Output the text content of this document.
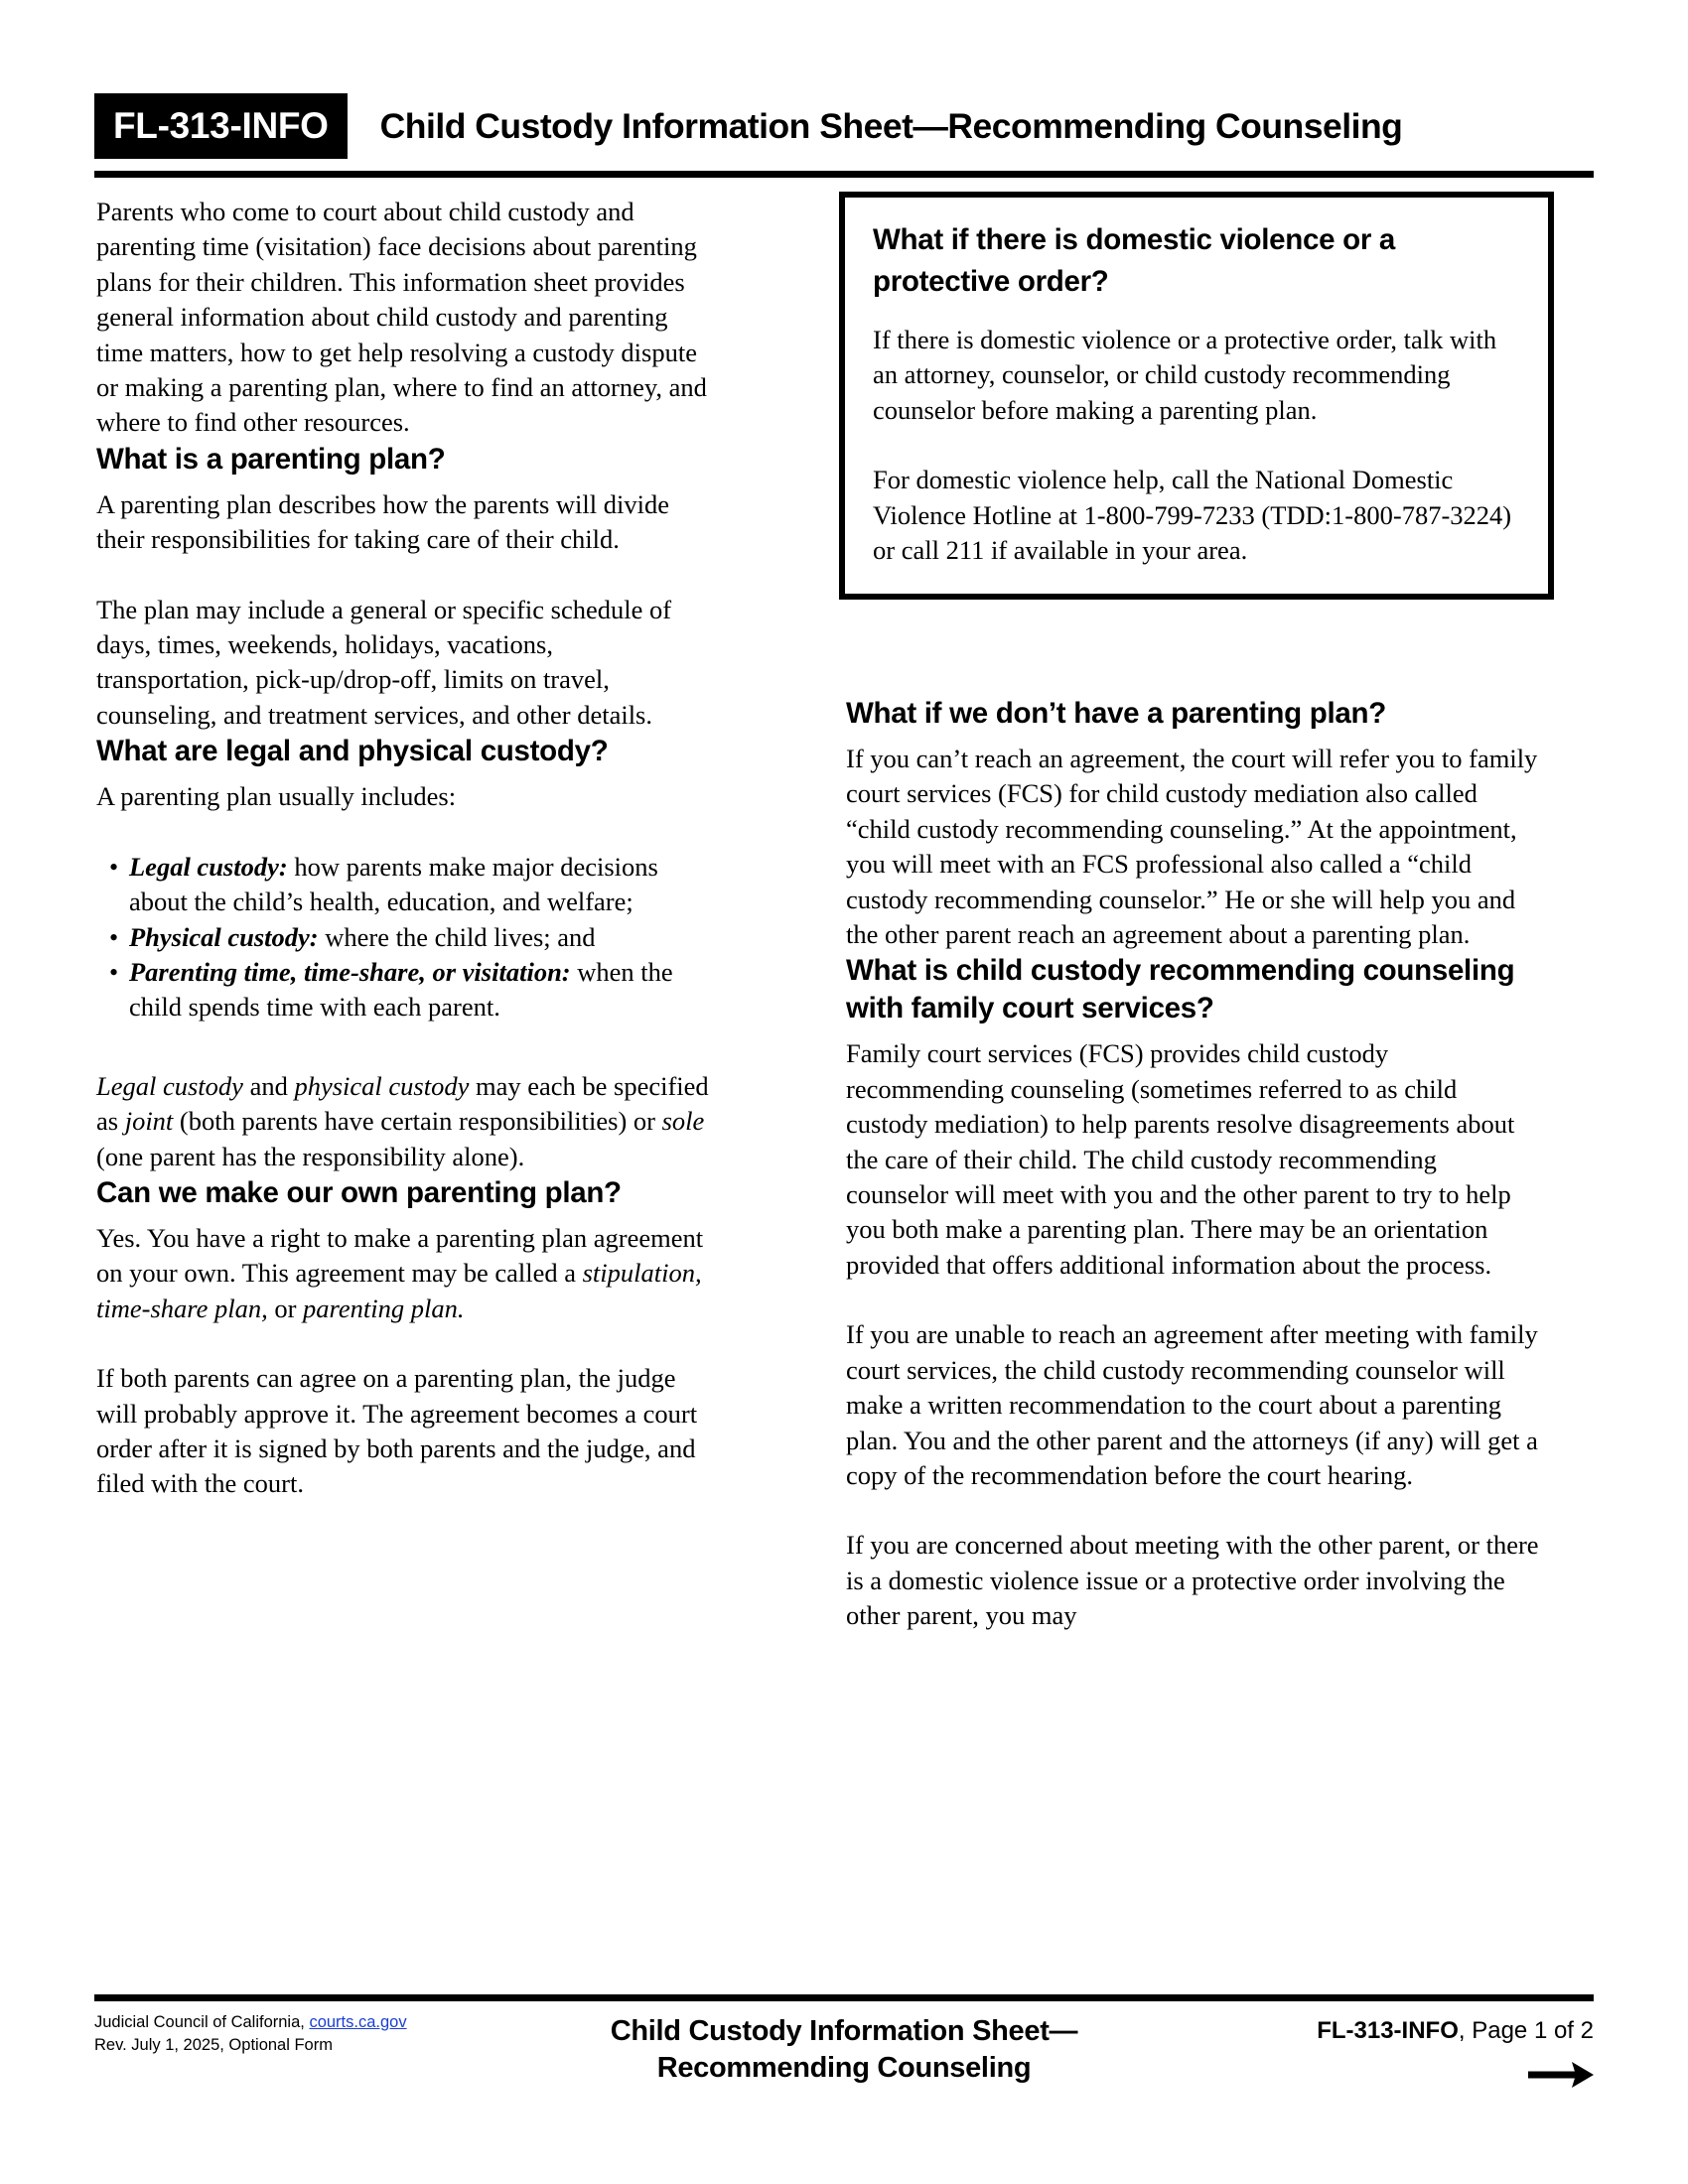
FL-313-INFO	Child Custody Information Sheet—Recommending Counseling

Parents who come to court about child custody and parenting time (visitation) face decisions about parenting plans for their children. This information sheet provides general information about child custody and parenting time matters, how to get help resolving a custody dispute or making a parenting plan, where to find an attorney, and where to find other resources.

What is a parenting plan?

A parenting plan describes how the parents will divide their responsibilities for taking care of their child.

The plan may include a general or specific schedule of days, times, weekends, holidays, vacations, transportation, pick-up/drop-off, limits on travel, counseling, and treatment services, and other details.

What are legal and physical custody?

A parenting plan usually includes:

• Legal custody: how parents make major decisions about the child’s health, education, and welfare;
• Physical custody: where the child lives; and
• Parenting time, time-share, or visitation: when the child spends time with each parent.

Legal custody and physical custody may each be specified as joint (both parents have certain responsibilities) or sole (one parent has the responsibility alone).

Can we make our own parenting plan?

Yes. You have a right to make a parenting plan agreement on your own. This agreement may be called a stipulation, time-share plan, or parenting plan.

If both parents can agree on a parenting plan, the judge will probably approve it. The agreement becomes a court order after it is signed by both parents and the judge, and filed with the court.

What if there is domestic violence or a protective order?

If there is domestic violence or a protective order, talk with an attorney, counselor, or child custody recommending counselor before making a parenting plan.

For domestic violence help, call the National Domestic Violence Hotline at 1-800-799-7233 (TDD:1-800-787-3224) or call 211 if available in your area.

What if we don’t have a parenting plan?

If you can’t reach an agreement, the court will refer you to family court services (FCS) for child custody mediation also called “child custody recommending counseling.” At the appointment, you will meet with an FCS professional also called a “child custody recommending counselor.” He or she will help you and the other parent reach an agreement about a parenting plan.

What is child custody recommending counseling with family court services?

Family court services (FCS) provides child custody recommending counseling (sometimes referred to as child custody mediation) to help parents resolve disagreements about the care of their child. The child custody recommending counselor will meet with you and the other parent to try to help you both make a parenting plan. There may be an orientation provided that offers additional information about the process.

If you are unable to reach an agreement after meeting with family court services, the child custody recommending counselor will make a written recommendation to the court about a parenting plan. You and the other parent and the attorneys (if any) will get a copy of the recommendation before the court hearing.

If you are concerned about meeting with the other parent, or there is a domestic violence issue or a protective order involving the other parent, you may

Judicial Council of California, courts.ca.gov
Rev. July 1, 2025, Optional Form	Child Custody Information Sheet—
Recommending Counseling
FL-313-INFO, Page 1 of 2
